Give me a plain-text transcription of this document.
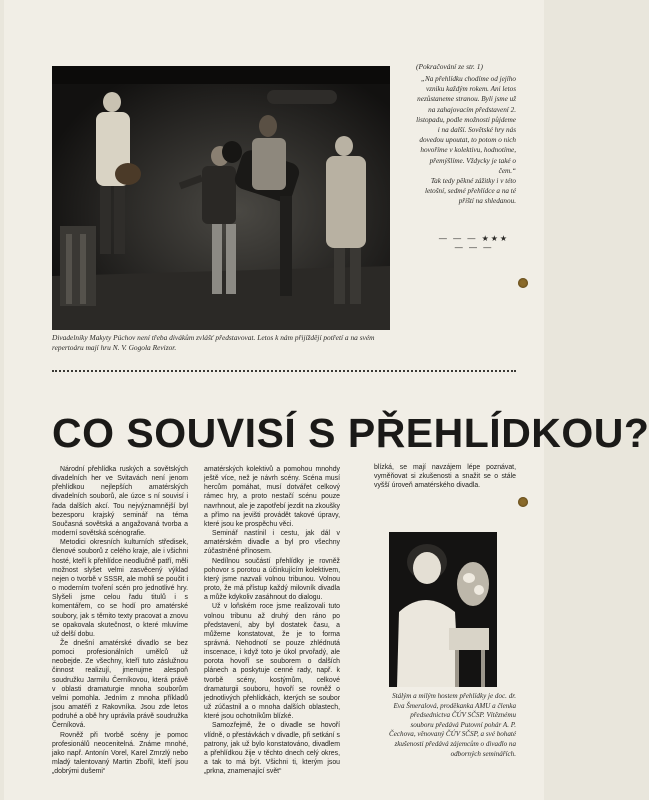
Divadelníky Makyty Púchov není třeba divákům zvlášť představovat. Letos k nám přijíždějí potřetí a na svém repertoáru mají hru N. V. Gogola Revizor.
(Pokračování ze str. 1)
„Na přehlídku chodíme od jejího vzniku každým rokem. Ani letos nezůstaneme stranou. Byli jsme už na zahajovacím představení 2. listopadu, podle možnosti půjdeme i na další. Sovětské hry nás dovedou upoutat, to potom o nich hovoříme v kolektivu, hodnotíme, přemýšlíme. Vždycky je také o čem.“
Tak tedy pěkné zážitky i v této letošní, sedmé přehlídce a na té příští na shledanou.
— — — ★★★ — — —
CO SOUVISÍ S PŘEHLÍDKOU?

Národní přehlídka ruských a sovětských divadelních her ve Svitavách není jenom přehlídkou nejlepších amatérských divadelních souborů, ale úzce s ní souvisí i řada dalších akcí. Tou nejvýznamnější byl bezesporu krajský seminář na téma Současná sovětská a angažovaná tvorba a moderní sovětská scénografie.

Metodici okresních kulturních středisek, členové souborů z celého kraje, ale i všichni hosté, kteří k přehlídce neodlučně patří, měli možnost slyšet velmi zasvěcený výklad nejen o tvorbě v SSSR, ale mohli se poučit i o moderním tvoření scén pro jednotlivé hry. Slyšeli jsme celou řadu titulů i s komentářem, co se hodí pro amatérské soubory, jak s těmito texty pracovat a znovu se opakovala skutečnost, o které mluvíme už delší dobu.

Že dnešní amatérské divadlo se bez pomoci profesionálních umělců už neobejde. Ze všechny, kteří tuto záslužnou činnost realizují, jmenujme alespoň soudružku Jarmilu Černíkovou, která právě v oblasti dramaturgie mnoha souborům velmi pomohla. Jedním z mnoha příkladů jsou amatéři z Rakovníka. Jsou zde letos podruhé a obě hry uprávila právě soudružka Černíková.

Rovněž při tvorbě scény je pomoc profesionálů neocenitelná. Známe mnohé, jako např. Antonín Vorel, Karel Zmrzlý nebo mladý talentovaný Martin Zbořil, kteří jsou „dobrými dušemi“

amatérských kolektivů a pomohou mnohdy ještě více, než je návrh scény. Scéna musí hercům pomáhat, musí dotvářet celkový rámec hry, a proto nestačí scénu pouze navrhnout, ale je zapotřebí jezdit na zkoušky a přímo na jevišti provádět takové úpravy, které jsou ke prospěchu věci.

Seminář nastínil i cestu, jak dál v amatérském divadle a byl pro všechny zúčastněné přínosem.

Nedílnou součástí přehlídky je rovněž pohovor s porotou a účinkujícím kolektivem, který jsme nazvali volnou tribunou. Volnou proto, že má přístup každý milovník divadla a může kdykoliv zasáhnout do dialogu.

Už v loňském roce jsme realizovali tuto volnou tribunu až druhý den ráno po představení, aby byl dostatek času, a můžeme konstatovat, že je to forma správná. Nehodnotí se pouze zhlédnutá inscenace, i když toto je úkol prvořadý, ale porota hovoří se souborem o dalších plánech a poskytuje cenné rady, např. k tvorbě scény, kostýmům, celkové dramaturgii souboru, hovoří se rovněž o jednotlivých přehlídkách, kterých se soubor už zúčastnil a o mnoha dalších oblastech, které jsou ochotníkům blízké.

Samozřejmě, že o divadle se hovoří vlídně, o přestávkách v divadle, při setkání s patrony, jak už bylo konstatováno, divadlem a přehlídkou žije v těchto dnech celý okres, a tak to má být. Všichni ti, kterým jsou „prkna, znamenající svět“

blízká, se mají navzájem lépe poznávat, vyměňovat si zkušenosti a snažit se o stále vyšší úroveň amatérského divadla.

Stálým a milým hostem přehlídky je doc. dr. Eva Šmeralová, proděkanka AMU a členka předsednictva ČÚV SČSP. Vítěznému souboru předává Putovní pohár A. P. Čechova, věnovaný ČÚV SČSP, a své bohaté zkušenosti předává zájemcům o divadlo na odborných seminářích.
